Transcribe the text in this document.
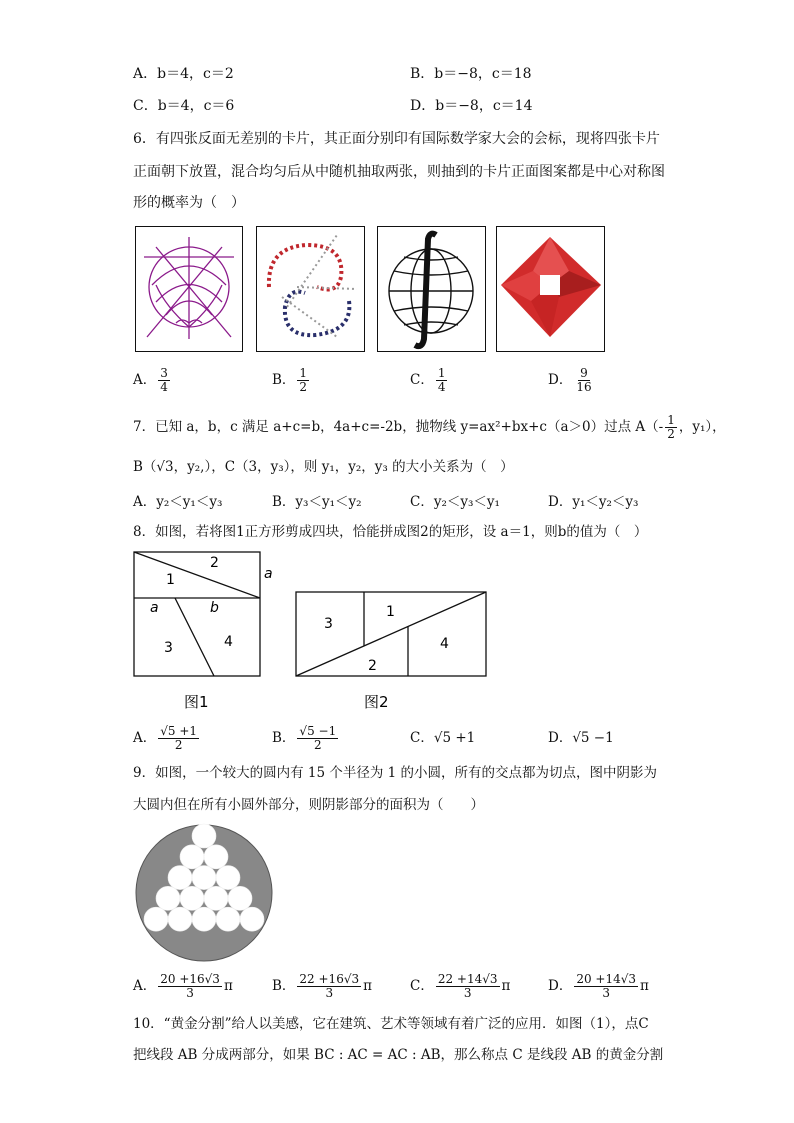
A．b＝4，c＝2	B．b＝−8，c＝18
C．b＝4，c＝6	D．b＝−8，c＝14
6．有四张反面无差别的卡片，其正面分别印有国际数学家大会的会标，现将四张卡片
正面朝下放置，混合均匀后从中随机抽取两张，则抽到的卡片正面图案都是中心对称图
形的概率为（　）
A． $\frac{3}{4}$	B． $\frac{1}{2}$	C． $\frac{1}{4}$	D． $\frac{9}{16}$
7．已知 a，b，c 满足 a+c=b，4a+c=-2b，抛物线 y=ax²+bx+c（a＞0）过点 $A(- \frac{1}{2}$ ，y₁），
B（√3，y₂,），C（3，y₃），则 y₁，y₂，y₃ 的大小关系为（　）
A．y₂＜y₁＜y₃	B．y₃＜y₁＜y₂	C．y₂＜y₃＜y₁	D．y₁＜y₂＜y₃
8．如图，若将图1正方形剪成四块，恰能拼成图2的矩形，设 a＝1，则b的值为（　）
1
2
3	4
a	b
a
3
1
2
4
图1	图2
A． $\frac{√5 +1}{2}$	B． $\frac{√5 -1}{2}$	C．√5 +1	D．√5 −1
9．如图，一个较大的圆内有 15 个半径为 1 的小圆，所有的交点都为切点，图中阴影为
大圆内但在所有小圆外部分，则阴影部分的面积为（　　）
A． $\frac{20 +16√3}{3}$ π	B． $\frac{22 +16√3}{3}$ π	C． $\frac{22 +14√3}{3}$ π	D． $\frac{20 +14√3}{3}$ π
10．“黄金分割”给人以美感，它在建筑、艺术等领域有着广泛的应用．如图（1），点C
把线段 AB 分成两部分，如果 BC : AC = AC : AB，那么称点 C 是线段 AB 的黄金分割
